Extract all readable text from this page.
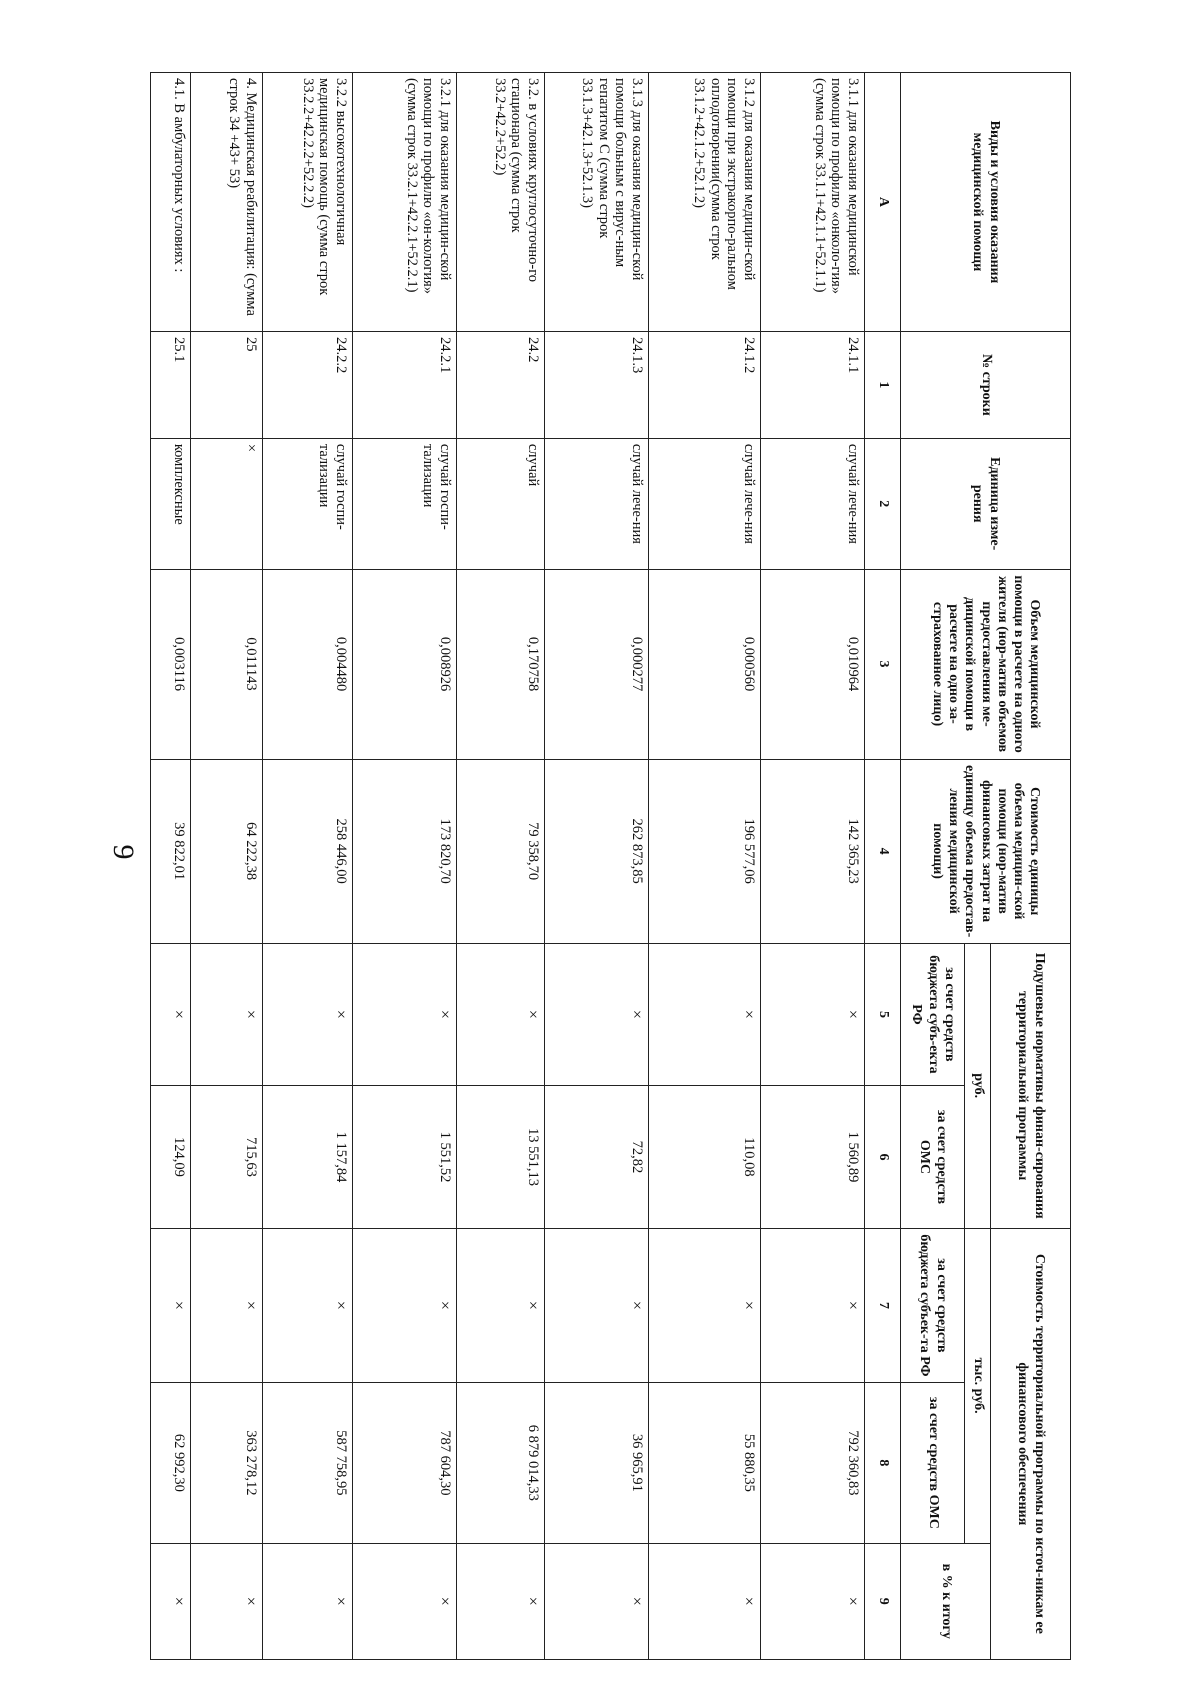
9
Виды и условия оказания медицинской помощи	№ строки	Единица изме-рения	Объем медицинской помощи в расчете на одного жителя (нор-матив объемов предоставления ме-дицинской помощи в расчете на одно за-страхованное лицо)	Стоимость единицы объема медицин-ской помощи (нор-матив финансовых затрат на единицу объема предостав-ления медицинской помощи)	Подушевые нормативы финан-сирования территориальной программы		Стоимость территориальной программы по источ-никам ее финансового обеспечения		
					руб.		тыс. руб.		в % к итогу
					за счет средств бюджета субъ-екта РФ	за счет средств ОМС	за счет средств бюджета субъек-та РФ	за счет средств ОМС	
А	1	2	3	4	5	6	7	8	9
3.1.1 для оказания медицинской помощи по профилю «онколо-гия» (сумма строк 33.1.1+42.1.1+52.1.1)	24.1.1	случай лече-ния	0,010964	142 365,23	×	1 560,89	×	792 360,83	×
3.1.2 для оказания медицин-ской помощи при экстракорпо-ральном оплодотворении(сумма строк 33.1.2+42.1.2+52.1.2)	24.1.2	случай лече-ния	0,000560	196 577,06	×	110,08	×	55 880,35	×
3.1.3 для оказания медицин-ской помощи больным с вирус-ным гепатитом С (сумма строк 33.1.3+42.1.3+52.1.3)	24.1.3	случай лече-ния	0,000277	262 873,85	×	72,82	×	36 965,91	×
3.2. в условиях круглосуточно-го стационара (сумма строк 33.2+42.2+52.2)	24.2	случай	0,170758	79 358,70	×	13 551,13	×	6 879 014,33	×
3.2.1 для оказания медицин-ской помощи по профилю «он-кология» (сумма строк 33.2.1+42.2.1+52.2.1)	24.2.1	случай госпи-тализации	0,008926	173 820,70	×	1 551,52	×	787 604,30	×
3.2.2 высокотехнологичная медицинская помощь (сумма строк 33.2.2+42.2.2+52.2.2)	24.2.2	случай госпи-тализации	0,004480	258 446,00	×	1 157,84	×	587 758,95	×
4. Медицинская реабилитация: (сумма строк 34 +43+ 53)	25	×	0,011143	64 222,38	×	715,63	×	363 278,12	×
4.1. В амбулаторных условиях :	25.1	комплексные	0,003116	39 822,01	×	124,09	×	62 992,30	×
